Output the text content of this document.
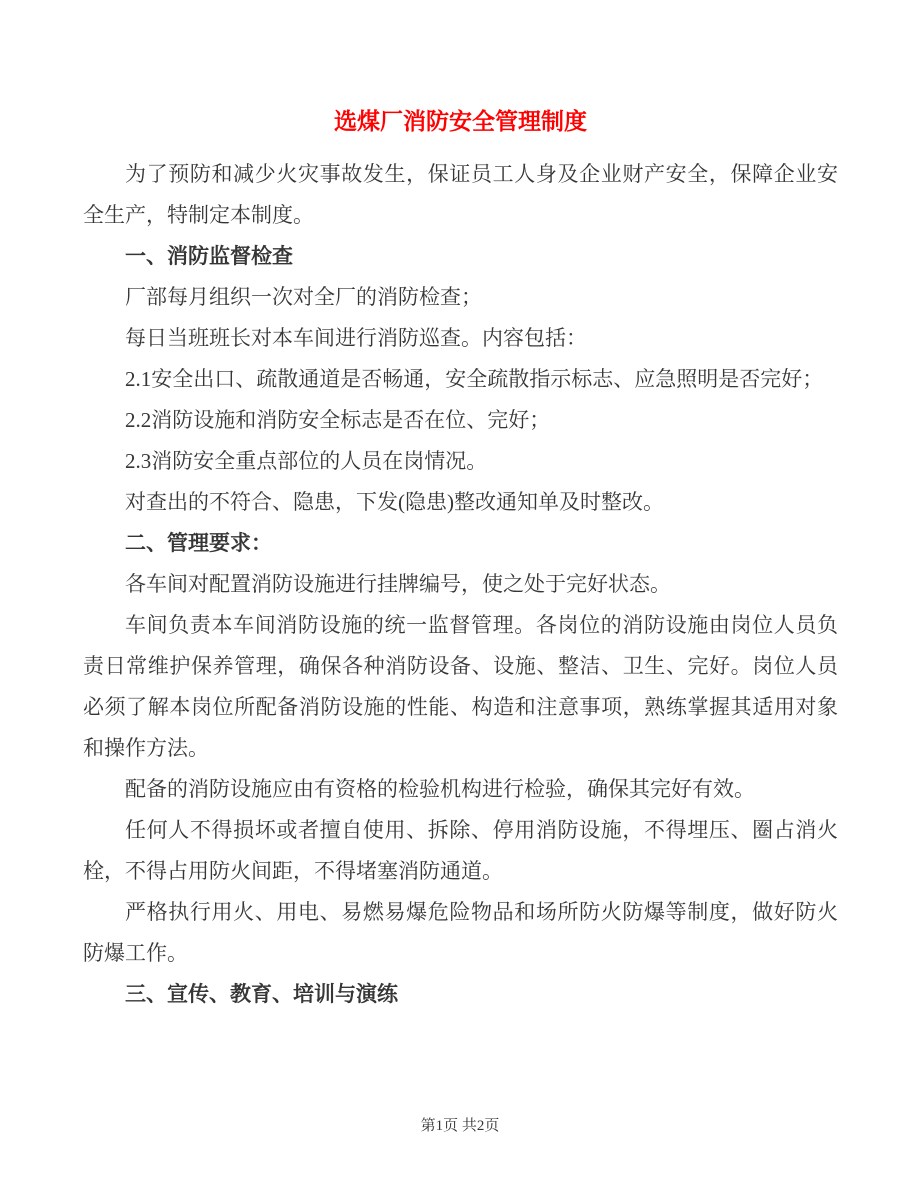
选煤厂消防安全管理制度

为了预防和减少火灾事故发生，保证员工人身及企业财产安全，保障企业安全生产，特制定本制度。

一、消防监督检查

厂部每月组织一次对全厂的消防检查；

每日当班班长对本车间进行消防巡查。内容包括：

2.1安全出口、疏散通道是否畅通，安全疏散指示标志、应急照明是否完好；

2.2消防设施和消防安全标志是否在位、完好；

2.3消防安全重点部位的人员在岗情况。

对查出的不符合、隐患，下发(隐患)整改通知单及时整改。

二、管理要求：

各车间对配置消防设施进行挂牌编号，使之处于完好状态。

车间负责本车间消防设施的统一监督管理。各岗位的消防设施由岗位人员负责日常维护保养管理，确保各种消防设备、设施、整洁、卫生、完好。岗位人员必须了解本岗位所配备消防设施的性能、构造和注意事项，熟练掌握其适用对象和操作方法。

配备的消防设施应由有资格的检验机构进行检验，确保其完好有效。

任何人不得损坏或者擅自使用、拆除、停用消防设施，不得埋压、圈占消火栓，不得占用防火间距，不得堵塞消防通道。

严格执行用火、用电、易燃易爆危险物品和场所防火防爆等制度，做好防火防爆工作。

三、宣传、教育、培训与演练

第1页 共2页
